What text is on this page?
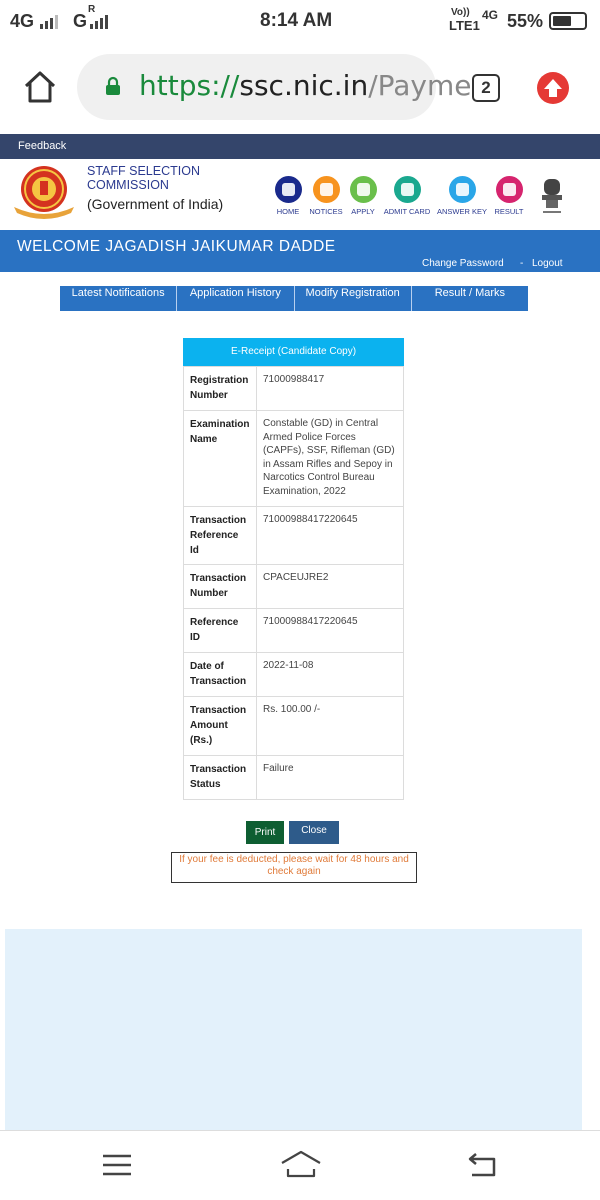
4G G
R
8:14 AM	Vo))
LTE1
4G 55%
https://ssc.nic.in/Payme 2
Feedback
STAFF SELECTION
COMMISSION
(Government of India)	HOME	NOTICES APPLY ADMIT CARD ANSWER KEY RESULT
WELCOME JAGADISH JAIKUMAR DADDE
Change Password - Logout
Latest Notifications	Application History	Modify Registration	Result / Marks
E-Receipt (Candidate Copy)
Registration Number	71000988417
Examination Name	Constable (GD) in Central Armed Police Forces (CAPFs), SSF, Rifleman (GD) in Assam Rifles and Sepoy in Narcotics Control Bureau Examination, 2022
Transaction Reference Id	71000988417220645
Transaction Number	CPACEUJRE2
Reference ID	71000988417220645
Date of Transaction	2022-11-08
Transaction Amount (Rs.)	Rs. 100.00 /-
Transaction Status	Failure
Print	Close
If your fee is deducted, please wait for 48 hours and check again
